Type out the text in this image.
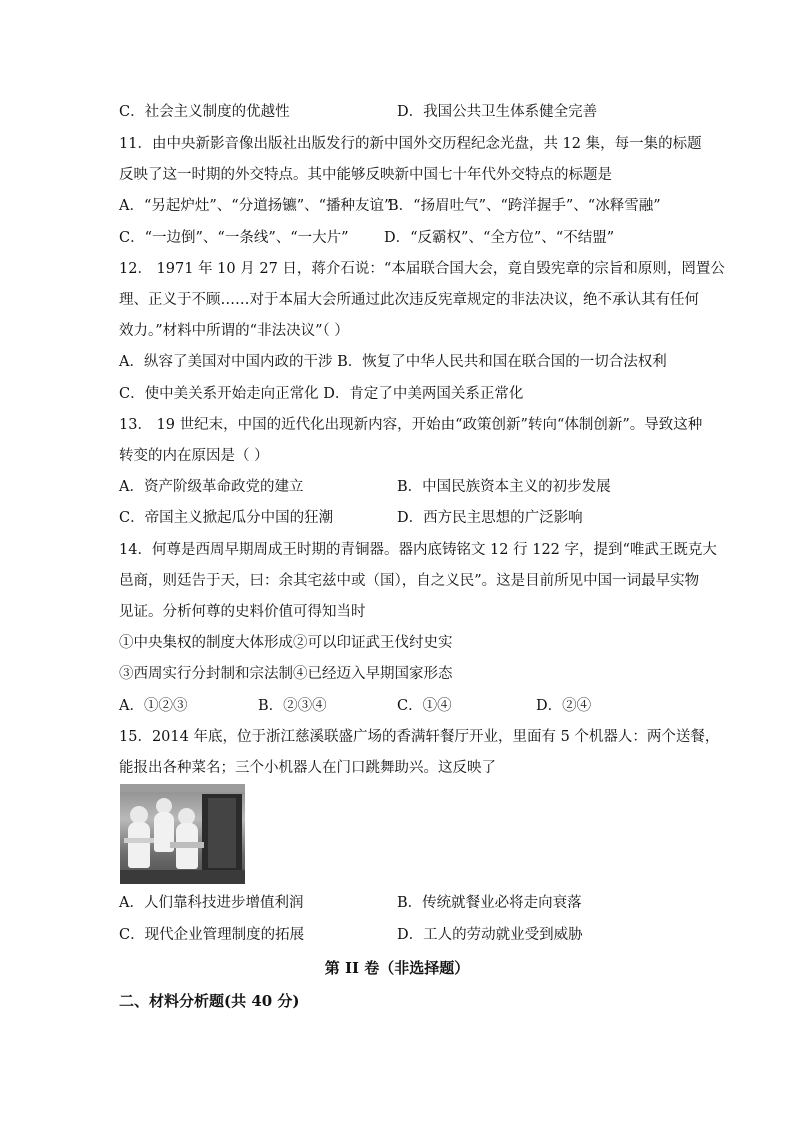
C．社会主义制度的优越性	D．我国公共卫生体系健全完善
11．由中央新影音像出版社出版发行的新中国外交历程纪念光盘，共 12 集，每一集的标题
反映了这一时期的外交特点。其中能够反映新中国七十年代外交特点的标题是
A．“另起炉灶”、“分道扬镳”、“播种友谊”
B．“扬眉吐气”、“跨洋握手”、“冰释雪融”
C．“一边倒”、“一条线”、“一大片” D．“反霸权”、“全方位”、“不结盟”
12． 1971 年 10 月 27 日，蒋介石说：“本届联合国大会，竟自毁宪章的宗旨和原则，罔置公
理、正义于不顾……对于本届大会所通过此次违反宪章规定的非法决议，绝不承认其有任何
效力。”材料中所谓的“非法决议”（ ）
A．纵容了美国对中国内政的干涉 B．恢复了中华人民共和国在联合国的一切合法权利
C．使中美关系开始走向正常化 D．肯定了中美两国关系正常化
13． 19 世纪末，中国的近代化出现新内容，开始由“政策创新”转向“体制创新”。导致这种
转变的内在原因是（ ）
A．资产阶级革命政党的建立	B．中国民族资本主义的初步发展
C．帝国主义掀起瓜分中国的狂潮	D．西方民主思想的广泛影响
14．何尊是西周早期周成王时期的青铜器。器内底铸铭文 12 行 122 字，提到“唯武王既克大
邑商，则廷告于天，曰：余其宅兹中或（国），自之义民”。这是目前所见中国一词最早实物
见证。分析何尊的史料价值可得知当时
①中央集权的制度大体形成②可以印证武王伐纣史实
③西周实行分封制和宗法制④已经迈入早期国家形态
A．①②③	B．②③④	C．①④	D．②④
15．2014 年底，位于浙江慈溪联盛广场的香满轩餐厅开业，里面有 5 个机器人：两个送餐，
能报出各种菜名；三个小机器人在门口跳舞助兴。这反映了
A．人们靠科技进步增值利润	B．传统就餐业必将走向衰落
C．现代企业管理制度的拓展	D．工人的劳动就业受到威胁
第 II 卷（非选择题）
二、材料分析题(共 40 分)
